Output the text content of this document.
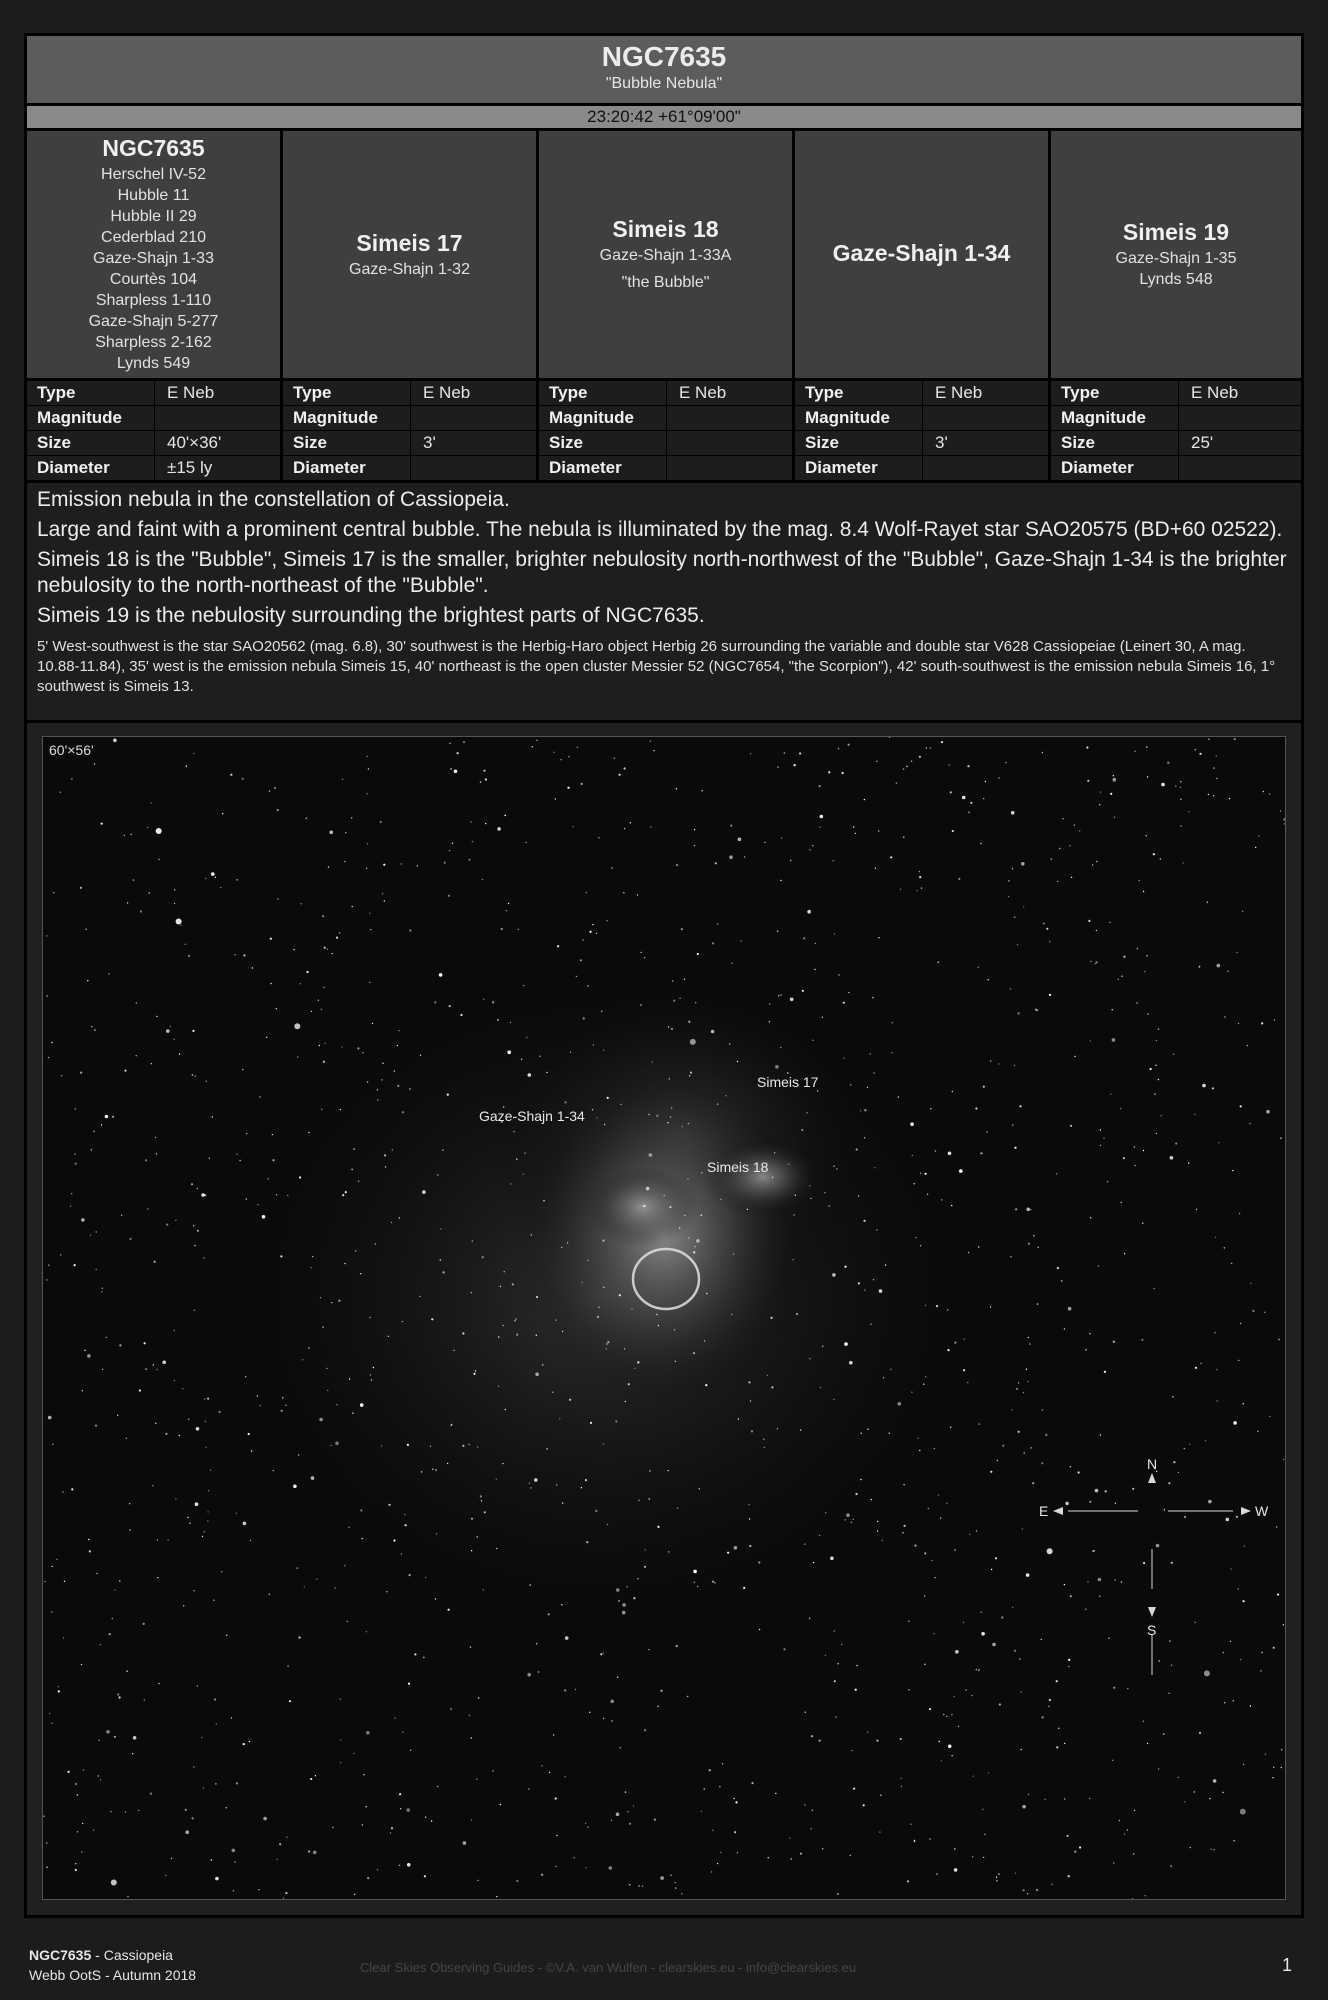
NGC7635
"Bubble Nebula"
23:20:42 +61°09'00"
NGC7635
Herschel IV-52
Hubble 11
Hubble II 29
Cederblad 210
Gaze-Shajn 1-33
Courtès 104
Sharpless 1-110
Gaze-Shajn 5-277
Sharpless 2-162
Lynds 549
Simeis 17
Gaze-Shajn 1-32
Simeis 18
Gaze-Shajn 1-33A
"the Bubble"
Gaze-Shajn 1-34
Simeis 19
Gaze-Shajn 1-35
Lynds 548
Type	E Neb
Magnitude
Size	40'×36'
Diameter	±15 ly
Type	E Neb
Magnitude
Size	3'
Diameter
Type	E Neb
Magnitude
Size
Diameter
Type	E Neb
Magnitude
Size	3'
Diameter
Type	E Neb
Magnitude
Size	25'
Diameter

Emission nebula in the constellation of Cassiopeia.

Large and faint with a prominent central bubble. The nebula is illuminated by the mag. 8.4 Wolf-Rayet star SAO20575 (BD+60 02522).

Simeis 18 is the "Bubble", Simeis 17 is the smaller, brighter nebulosity north-northwest of the "Bubble", Gaze-Shajn 1-34 is the brighter nebulosity to the north-northeast of the "Bubble".

Simeis 19 is the nebulosity surrounding the brightest parts of NGC7635.

5' West-southwest is the star SAO20562 (mag. 6.8), 30' southwest is the Herbig-Haro object Herbig 26 surrounding the variable and double star V628 Cassiopeiae (Leinert 30, A mag. 10.88-11.84), 35' west is the emission nebula Simeis 15, 40' northeast is the open cluster Messier 52 (NGC7654, "the Scorpion"), 42' south-southwest is the emission nebula Simeis 16, 1° southwest is Simeis 13.

60'×56'
Simeis 17
Gaze-Shajn 1-34
Simeis 18
N
S
E	W
NGC7635 - Cassiopeia
Webb OotS - Autumn 2018	Clear Skies Observing Guides - ©V.A. van Wulfen - clearskies.eu - info@clearskies.eu	1
